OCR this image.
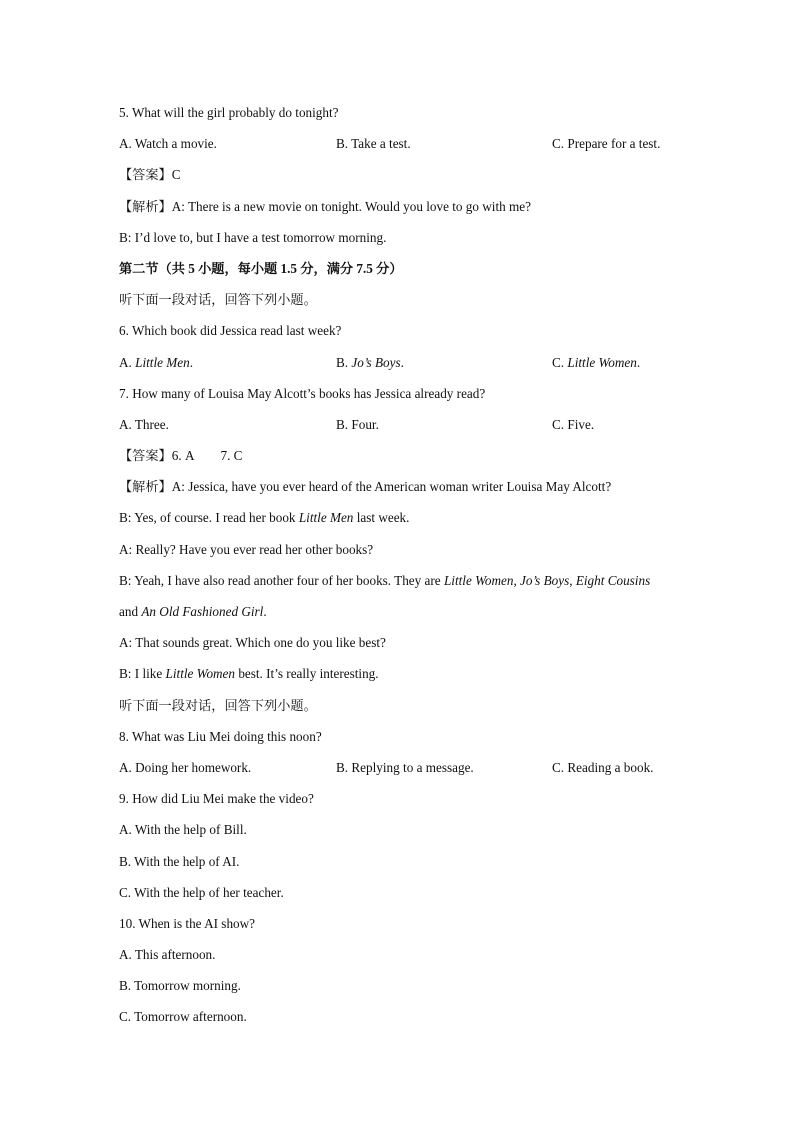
5. What will the girl probably do tonight?
A. Watch a movie.	B. Take a test.	C. Prepare for a test.
【答案】C
【解析】A: There is a new movie on tonight. Would you love to go with me?
B: I’d love to, but I have a test tomorrow morning.
第二节（共 5 小题，每小题 1.5 分，满分 7.5 分）
听下面一段对话，回答下列小题。
6. Which book did Jessica read last week?
A. Little Men.	B. Jo’s Boys.	C. Little Women.
7. How many of Louisa May Alcott’s books has Jessica already read?
A. Three.	B. Four.	C. Five.
【答案】6. A 7. C
【解析】A: Jessica, have you ever heard of the American woman writer Louisa May Alcott?
B: Yes, of course. I read her book Little Men last week.
A: Really? Have you ever read her other books?
B: Yeah, I have also read another four of her books. They are Little Women, Jo’s Boys, Eight Cousins
and An Old Fashioned Girl.
A: That sounds great. Which one do you like best?
B: I like Little Women best. It’s really interesting.
听下面一段对话，回答下列小题。
8. What was Liu Mei doing this noon?
A. Doing her homework.	B. Replying to a message.	C. Reading a book.
9. How did Liu Mei make the video?
A. With the help of Bill.
B. With the help of AI.
C. With the help of her teacher.
10. When is the AI show?
A. This afternoon.
B. Tomorrow morning.
C. Tomorrow afternoon.
